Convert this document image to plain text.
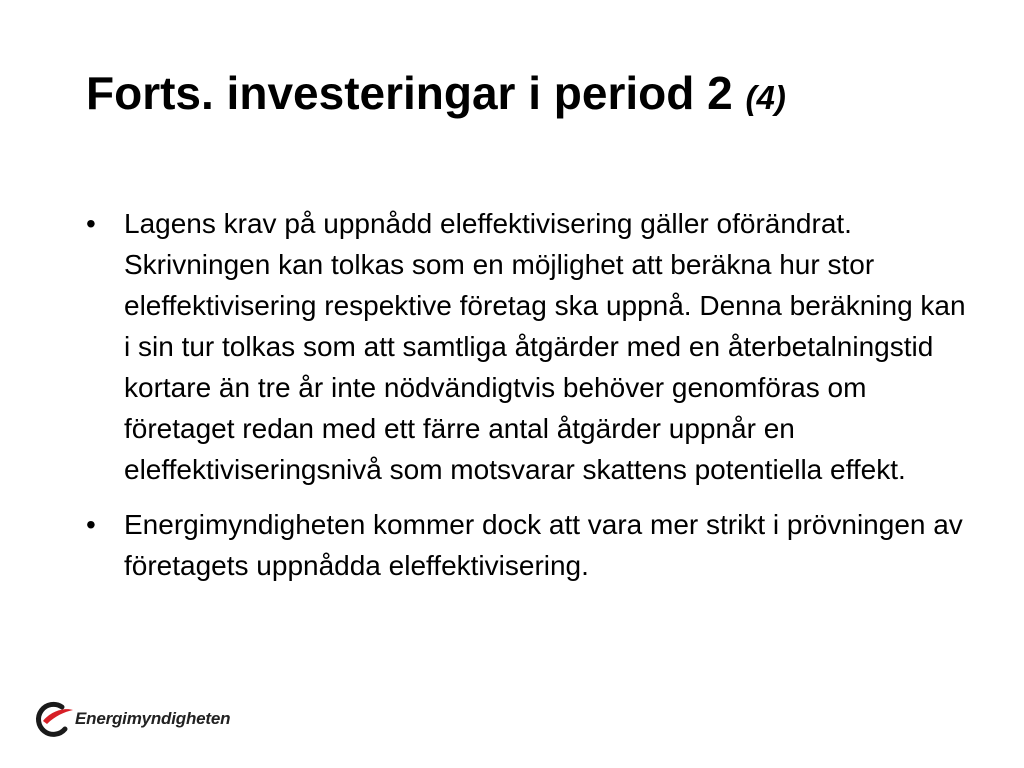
Forts. investeringar i period 2 (4)
• Lagens krav på uppnådd eleffektivisering gäller oförändrat. Skrivningen kan tolkas som en möjlighet att beräkna hur stor eleffektivisering respektive företag ska uppnå. Denna beräkning kan i sin tur tolkas som att samtliga åtgärder med en återbetalningstid kortare än tre år inte nödvändigtvis behöver genomföras om företaget redan med ett färre antal åtgärder uppnår en eleffektiviseringsnivå som motsvarar skattens potentiella effekt.
• Energimyndigheten kommer dock att vara mer strikt i prövningen av företagets uppnådda eleffektivisering.
Energimyndigheten
